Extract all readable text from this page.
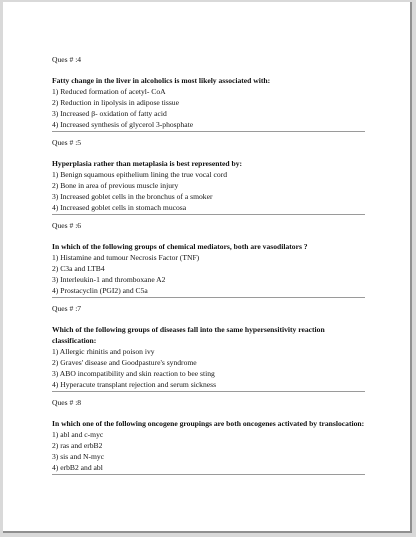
Ques # :4
Fatty change in the liver in alcoholics is most likely associated with:
1) Reduced formation of acetyl- CoA
2) Reduction in lipolysis in adipose tissue
3) Increased β- oxidation of fatty acid
4) Increased synthesis of glycerol 3-phosphate
Ques # :5
Hyperplasia rather than metaplasia is best represented by:
1) Benign squamous epithelium lining the true vocal cord
2) Bone in area of previous muscle injury
3) Increased goblet cells in the bronchus of a smoker
4) Increased goblet cells in stomach mucosa
Ques # :6
In which of the following groups of chemical mediators, both are vasodilators ?
1) Histamine and tumour Necrosis Factor (TNF)
2) C3a and LTB4
3) Interleukin-1 and thromboxane A2
4) Prostacyclin (PGI2) and C5a
Ques # :7
Which of the following groups of diseases fall into the same hypersensitivity reaction classification:
1) Allergic rhinitis and poison ivy
2) Graves' disease and Goodpasture's syndrome
3) ABO incompatibility and skin reaction to bee sting
4) Hyperacute transplant rejection and serum sickness
Ques # :8
In which one of the following oncogene groupings are both oncogenes activated by translocation:
1) abl and c-myc
2) ras and erbB2
3) sis and N-myc
4) erbB2 and abl
